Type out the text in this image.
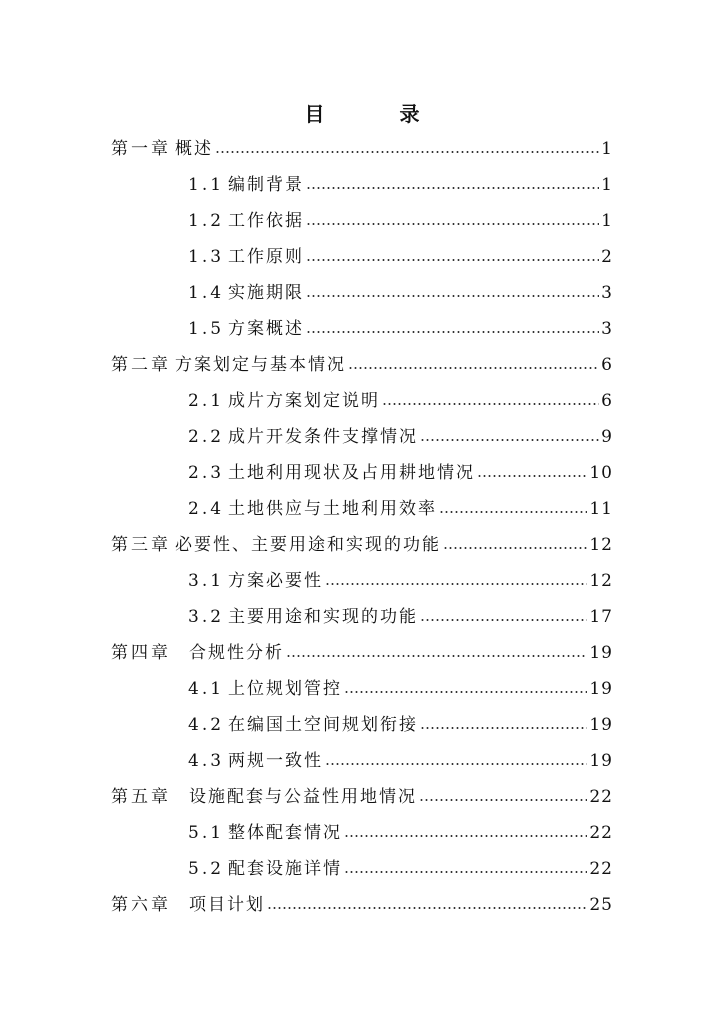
目 录
第一章 概述	1
1.1 编制背景	1
1.2 工作依据	1
1.3 工作原则	2
1.4 实施期限	3
1.5 方案概述	3
第二章 方案划定与基本情况	6
2.1 成片方案划定说明	6
2.2 成片开发条件支撑情况	9
2.3 土地利用现状及占用耕地情况	10
2.4 土地供应与土地利用效率	11
第三章 必要性、主要用途和实现的功能	12
3.1 方案必要性	12
3.2 主要用途和实现的功能	17
第四章	合规性分析	19
4.1 上位规划管控	19
4.2 在编国土空间规划衔接	19
4.3 两规一致性	19
第五章	设施配套与公益性用地情况	22
5.1 整体配套情况	22
5.2 配套设施详情	22
第六章	项目计划	25
